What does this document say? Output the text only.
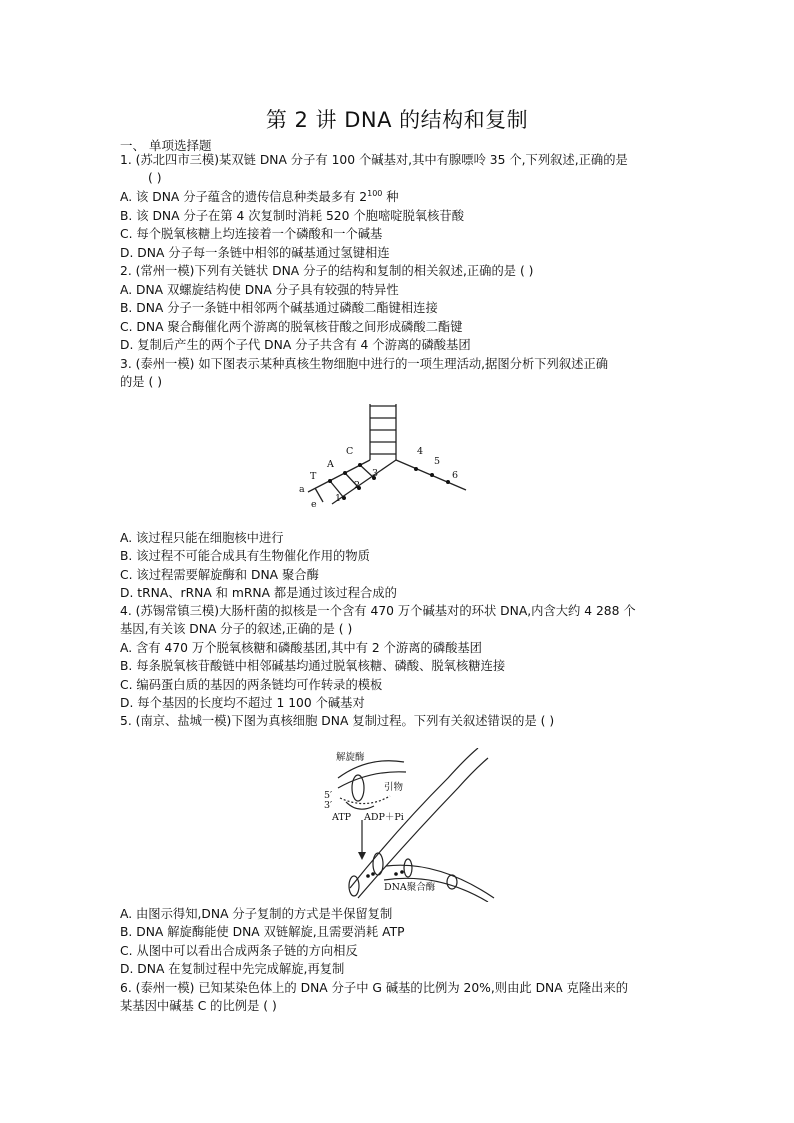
第 2 讲 DNA 的结构和复制
一、 单项选择题
1. (苏北四市三模)某双链 DNA 分子有 100 个碱基对,其中有腺嘌呤 35 个,下列叙述,正确的是
( )
A. 该 DNA 分子蕴含的遗传信息种类最多有 $2^{100}$ 种
B. 该 DNA 分子在第 4 次复制时消耗 520 个胞嘧啶脱氧核苷酸
C. 每个脱氧核糖上均连接着一个磷酸和一个碱基
D. DNA 分子每一条链中相邻的碱基通过氢键相连
2. (常州一模)下列有关链状 DNA 分子的结构和复制的相关叙述,正确的是 ( )
A. DNA 双螺旋结构使 DNA 分子具有较强的特异性
B. DNA 分子一条链中相邻两个碱基通过磷酸二酯键相连接
C. DNA 聚合酶催化两个游离的脱氧核苷酸之间形成磷酸二酯键
D. 复制后产生的两个子代 DNA 分子共含有 4 个游离的磷酸基团
3. (泰州一模) 如下图表示某种真核生物细胞中进行的一项生理活动,据图分析下列叙述正确
的是 ( )
C
A
T
a
e
1
2
3
4
5
6
A. 该过程只能在细胞核中进行
B. 该过程不可能合成具有生物催化作用的物质
C. 该过程需要解旋酶和 DNA 聚合酶
D. tRNA、rRNA 和 mRNA 都是通过该过程合成的
4. (苏锡常镇三模)大肠杆菌的拟核是一个含有 470 万个碱基对的环状 DNA,内含大约 4 288 个
基因,有关该 DNA 分子的叙述,正确的是 ( )
A. 含有 470 万个脱氧核糖和磷酸基团,其中有 2 个游离的磷酸基团
B. 每条脱氧核苷酸链中相邻碱基均通过脱氧核糖、磷酸、脱氧核糖连接
C. 编码蛋白质的基因的两条链均可作转录的模板
D. 每个基因的长度均不超过 1 100 个碱基对
5. (南京、盐城一模)下图为真核细胞 DNA 复制过程。下列有关叙述错误的是 ( )
解旋酶
引物
5′
3′
ATP ADP＋Pi
DNA聚合酶
A. 由图示得知,DNA 分子复制的方式是半保留复制
B. DNA 解旋酶能使 DNA 双链解旋,且需要消耗 ATP
C. 从图中可以看出合成两条子链的方向相反
D. DNA 在复制过程中先完成解旋,再复制
6. (泰州一模) 已知某染色体上的 DNA 分子中 G 碱基的比例为 20%,则由此 DNA 克隆出来的
某基因中碱基 C 的比例是 ( )
